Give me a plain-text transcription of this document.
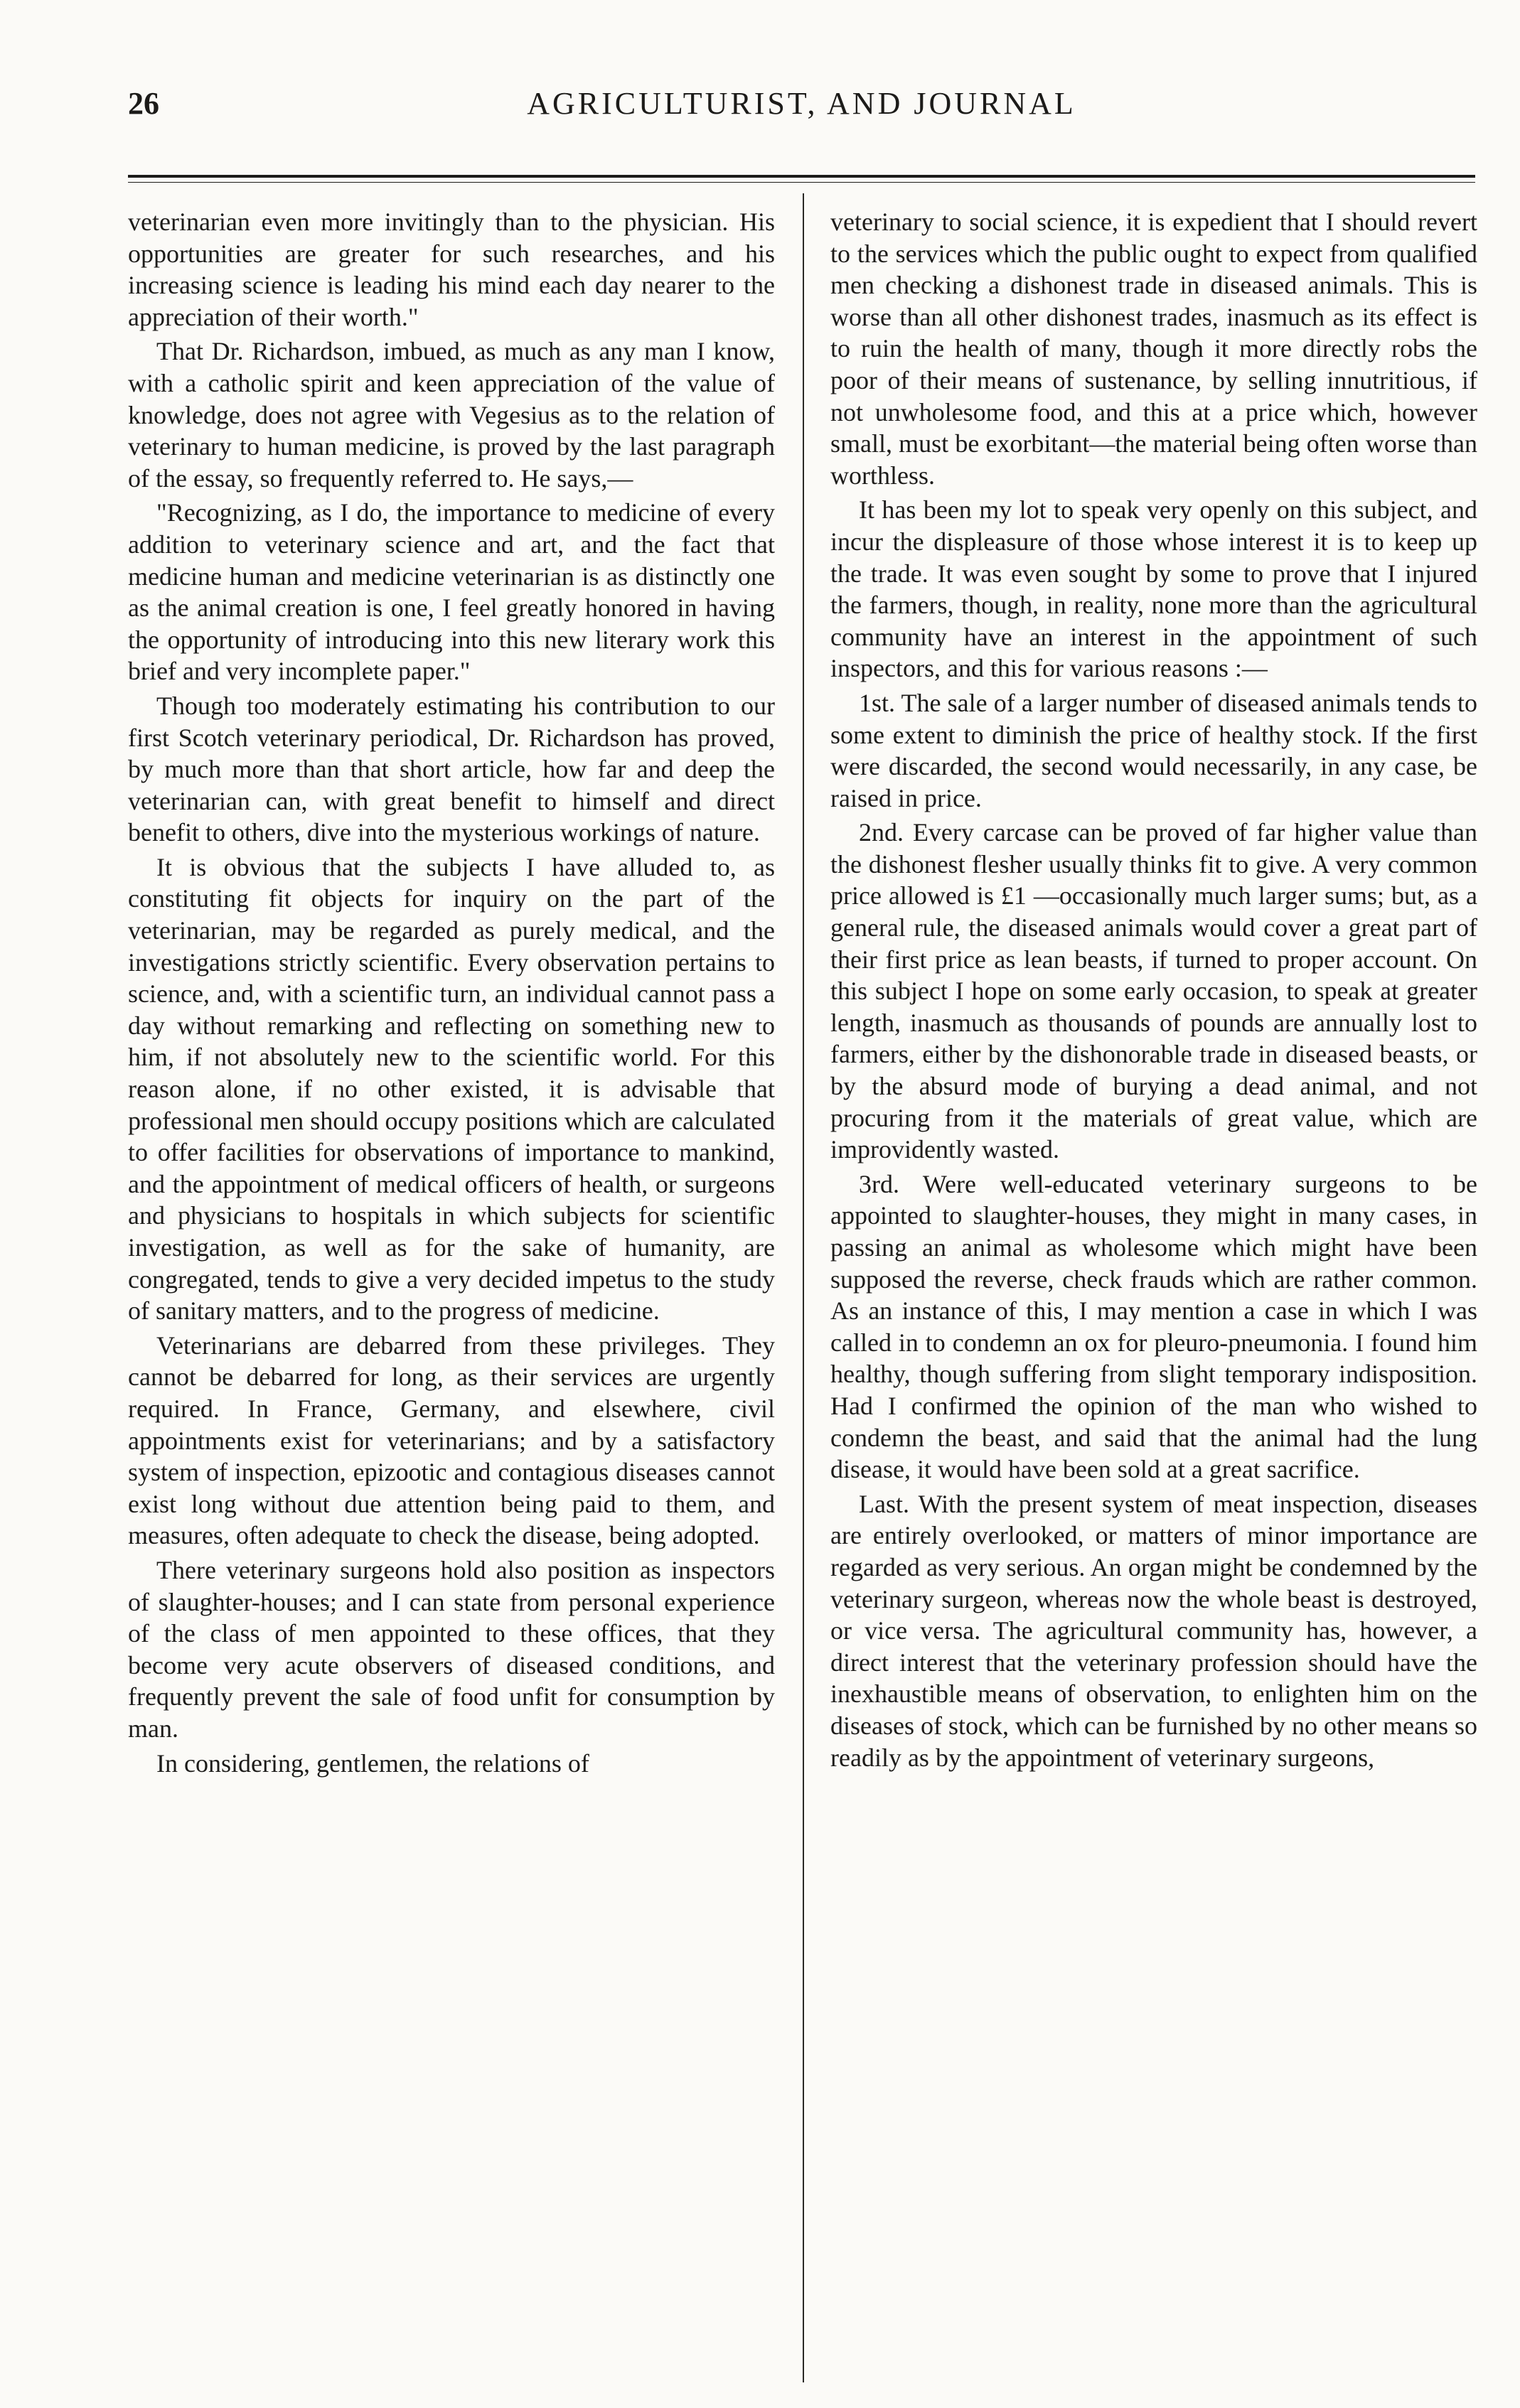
26	AGRICULTURIST, AND JOURNAL

veterinarian even more invitingly than to the physician. His opportunities are greater for such researches, and his increasing science is leading his mind each day nearer to the appreciation of their worth."

That Dr. Richardson, imbued, as much as any man I know, with a catholic spirit and keen appreciation of the value of knowledge, does not agree with Vegesius as to the relation of veterinary to human medicine, is proved by the last paragraph of the essay, so frequently referred to. He says,—

"Recognizing, as I do, the importance to medicine of every addition to veterinary science and art, and the fact that medicine human and medicine veterinarian is as distinctly one as the animal creation is one, I feel greatly honored in having the opportunity of introducing into this new literary work this brief and very incomplete paper."

Though too moderately estimating his contribution to our first Scotch veterinary periodical, Dr. Richardson has proved, by much more than that short article, how far and deep the veterinarian can, with great benefit to himself and direct benefit to others, dive into the mysterious workings of nature.

It is obvious that the subjects I have alluded to, as constituting fit objects for inquiry on the part of the veterinarian, may be regarded as purely medical, and the investigations strictly scientific. Every observation pertains to science, and, with a scientific turn, an individual cannot pass a day without remarking and reflecting on something new to him, if not absolutely new to the scientific world. For this reason alone, if no other existed, it is advisable that professional men should occupy positions which are calculated to offer facilities for observations of importance to mankind, and the appointment of medical officers of health, or surgeons and physicians to hospitals in which subjects for scientific investigation, as well as for the sake of humanity, are congregated, tends to give a very decided impetus to the study of sanitary matters, and to the progress of medicine.

Veterinarians are debarred from these privileges. They cannot be debarred for long, as their services are urgently required. In France, Germany, and elsewhere, civil appointments exist for veterinarians; and by a satisfactory system of inspection, epizootic and contagious diseases cannot exist long without due attention being paid to them, and measures, often adequate to check the disease, being adopted.

There veterinary surgeons hold also position as inspectors of slaughter-houses; and I can state from personal experience of the class of men appointed to these offices, that they become very acute observers of diseased conditions, and frequently prevent the sale of food unfit for consumption by man.

In considering, gentlemen, the relations of

veterinary to social science, it is expedient that I should revert to the services which the public ought to expect from qualified men checking a dishonest trade in diseased animals. This is worse than all other dishonest trades, inasmuch as its effect is to ruin the health of many, though it more directly robs the poor of their means of sustenance, by selling innutritious, if not unwholesome food, and this at a price which, however small, must be exorbitant—the material being often worse than worthless.

It has been my lot to speak very openly on this subject, and incur the displeasure of those whose interest it is to keep up the trade. It was even sought by some to prove that I injured the farmers, though, in reality, none more than the agricultural community have an interest in the appointment of such inspectors, and this for various reasons :—

1st. The sale of a larger number of diseased animals tends to some extent to diminish the price of healthy stock. If the first were discarded, the second would necessarily, in any case, be raised in price.

2nd. Every carcase can be proved of far higher value than the dishonest flesher usually thinks fit to give. A very common price allowed is £1 —occasionally much larger sums; but, as a general rule, the diseased animals would cover a great part of their first price as lean beasts, if turned to proper account. On this subject I hope on some early occasion, to speak at greater length, inasmuch as thousands of pounds are annually lost to farmers, either by the dishonorable trade in diseased beasts, or by the absurd mode of burying a dead animal, and not procuring from it the materials of great value, which are improvidently wasted.

3rd. Were well-educated veterinary surgeons to be appointed to slaughter-houses, they might in many cases, in passing an animal as wholesome which might have been supposed the reverse, check frauds which are rather common. As an instance of this, I may mention a case in which I was called in to condemn an ox for pleuro-pneumonia. I found him healthy, though suffering from slight temporary indisposition. Had I confirmed the opinion of the man who wished to condemn the beast, and said that the animal had the lung disease, it would have been sold at a great sacrifice.

Last. With the present system of meat inspection, diseases are entirely overlooked, or matters of minor importance are regarded as very serious. An organ might be condemned by the veterinary surgeon, whereas now the whole beast is destroyed, or vice versa. The agricultural community has, however, a direct interest that the veterinary profession should have the inexhaustible means of observation, to enlighten him on the diseases of stock, which can be furnished by no other means so readily as by the appointment of veterinary surgeons,
